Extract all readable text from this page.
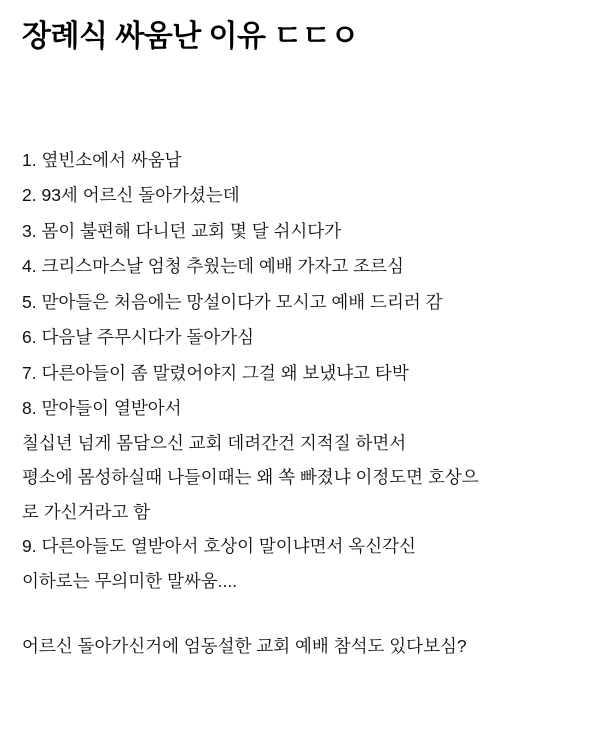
장례식 싸움난 이유 ㄷㄷㅇ

1. 옆빈소에서 싸움남

2. 93세 어르신 돌아가셨는데

3. 몸이 불편해 다니던 교회 몇 달 쉬시다가

4. 크리스마스날 엄청 추웠는데 예배 가자고 조르심

5. 맏아들은 처음에는 망설이다가 모시고 예배 드리러 감

6. 다음날 주무시다가 돌아가심

7. 다른아들이 좀 말렸어야지 그걸 왜 보냈냐고 타박

8. 맏아들이 열받아서

칠십년 넘게 몸담으신 교회 데려간건 지적질 하면서

평소에 몸성하실때 나들이때는 왜 쏙 빠졌냐 이정도면 호상으

로 가신거라고 함

9. 다른아들도 열받아서 호상이 말이냐면서 옥신각신

이하로는 무의미한 말싸움....

어르신 돌아가신거에 엄동설한 교회 예배 참석도 있다보심?
